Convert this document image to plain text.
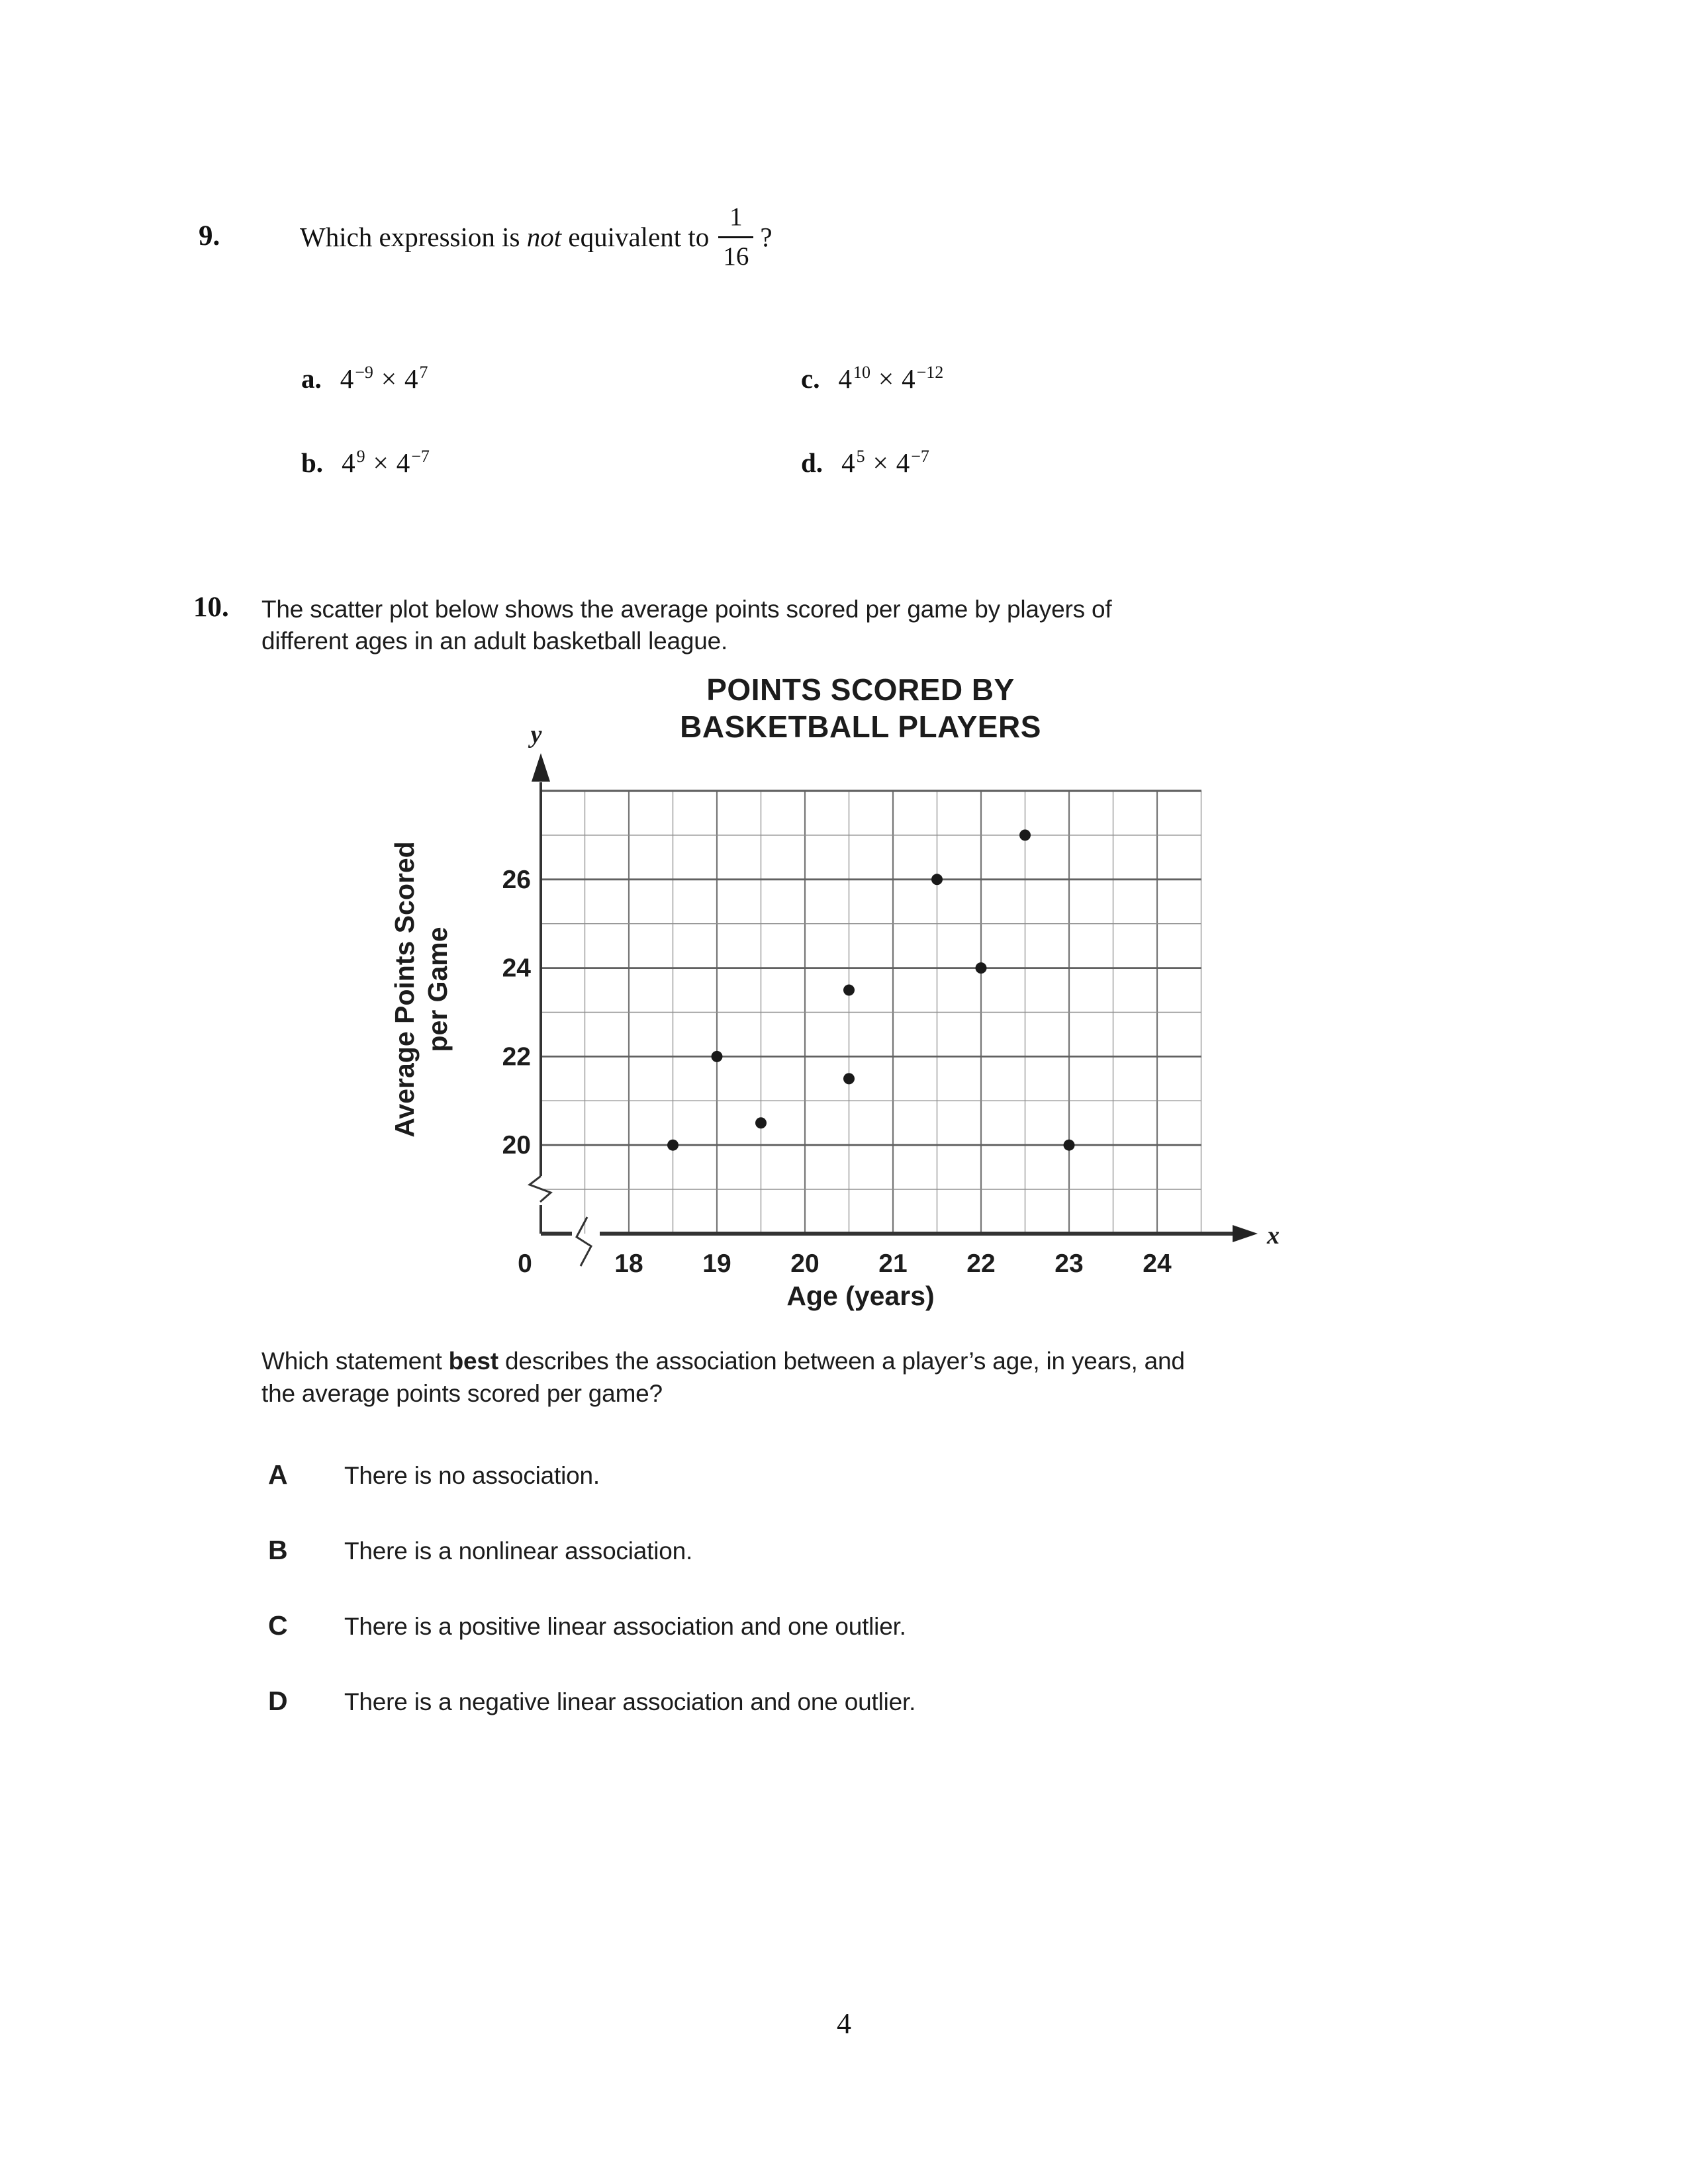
9.	Which expression is not equivalent to $\frac{1}{16}$ ?
a. $4^{-9} \times 4^7$
b. $4^9 \times 4^{-7}$
c. $4^{10} \times 4^{-12}$
d. $4^5 \times 4^{-7}$
10. The scatter plot below shows the average points scored per game by players of
different ages in an adult basketball league.
y
x
POINTS SCORED BY
BASKETBALL PLAYERS
20
22
24
26
18 19 20 21 22 23 24
0
Age (years)
Average Points Scored per Game
Which statement best describes the association between a player’s age, in years, and
the average points scored per game?
A	There is no association.
B	There is a nonlinear association.
C	There is a positive linear association and one outlier.
D	There is a negative linear association and one outlier.
4
